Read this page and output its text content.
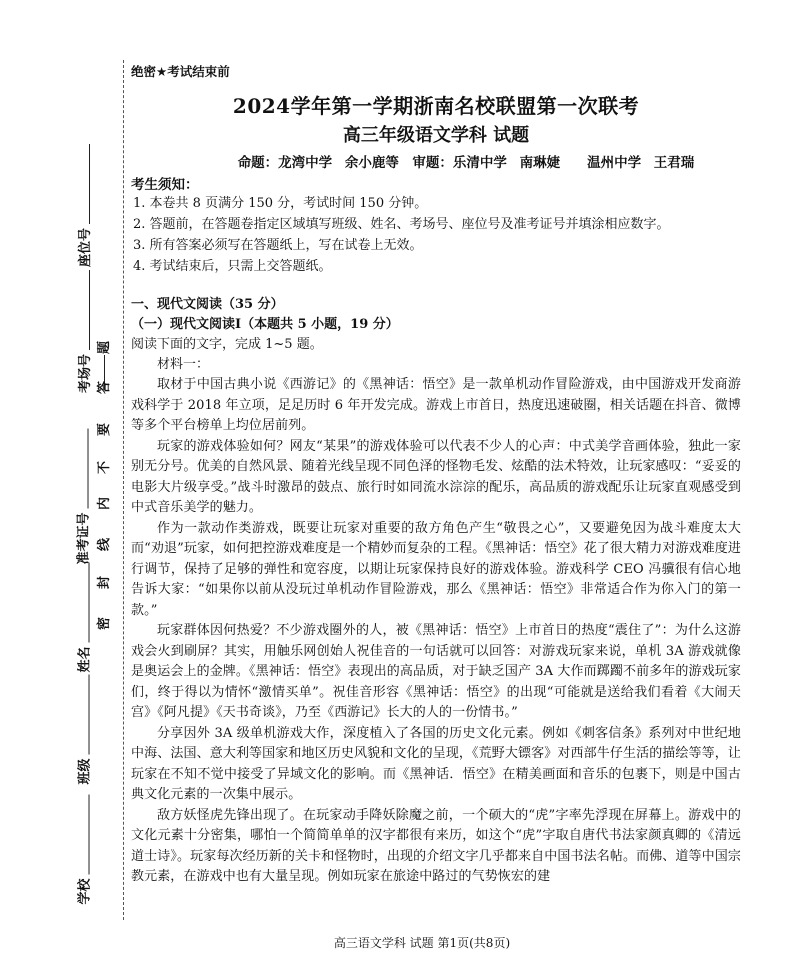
座位号
考场号
准考证号
姓名
班级
学校
题
答
要
不
内
线
封
密
绝密★考试结束前
2024学年第一学期浙南名校联盟第一次联考
高三年级语文学科 试题
命题：龙湾中学 余小鹿等　审题：乐清中学 南琳婕　　温州中学 王君瑞
考生须知：
1. 本卷共 8 页满分 150 分，考试时间 150 分钟。
2. 答题前，在答题卷指定区域填写班级、姓名、考场号、座位号及准考证号并填涂相应数字。
3. 所有答案必须写在答题纸上，写在试卷上无效。
4. 考试结束后，只需上交答题纸。
一、现代文阅读（35 分）
（一）现代文阅读Ⅰ（本题共 5 小题，19 分）
阅读下面的文字，完成 1~5 题。
材料一：

取材于中国古典小说《西游记》的《黑神话：悟空》是一款单机动作冒险游戏，由中国游戏开发商游戏科学于 2018 年立项，足足历时 6 年开发完成。游戏上市首日，热度迅速破圈，相关话题在抖音、微博等多个平台榜单上均位居前列。

玩家的游戏体验如何？网友“某果”的游戏体验可以代表不少人的心声：中式美学音画体验，独此一家别无分号。优美的自然风景、随着光线呈现不同色泽的怪物毛发、炫酷的法术特效，让玩家感叹：“妥妥的电影大片级享受。”战斗时激昂的鼓点、旅行时如同流水淙淙的配乐，高品质的游戏配乐让玩家直观感受到中式音乐美学的魅力。

作为一款动作类游戏，既要让玩家对重要的敌方角色产生“敬畏之心”，又要避免因为战斗难度太大而“劝退”玩家，如何把控游戏难度是一个精妙而复杂的工程。《黑神话：悟空》花了很大精力对游戏难度进行调节，保持了足够的弹性和宽容度，以期让玩家保持良好的游戏体验。游戏科学 CEO 冯骥很有信心地告诉大家：“如果你以前从没玩过单机动作冒险游戏，那么《黑神话：悟空》非常适合作为你入门的第一款。”

玩家群体因何热爱？不少游戏圈外的人，被《黑神话：悟空》上市首日的热度“震住了”：为什么这游戏会火到刷屏？其实，用触乐网创始人祝佳音的一句话就可以回答：对游戏玩家来说，单机 3A 游戏就像是奥运会上的金牌。《黑神话：悟空》表现出的高品质，对于缺乏国产 3A 大作而踯躅不前多年的游戏玩家们，终于得以为情怀“激情买单”。祝佳音形容《黑神话：悟空》的出现“可能就是送给我们看着《大闹天宫》《阿凡提》《天书奇谈》，乃至《西游记》长大的人的一份情书。”

分享因外 3A 级单机游戏大作，深度植入了各国的历史文化元素。例如《刺客信条》系列对中世纪地中海、法国、意大利等国家和地区历史风貌和文化的呈现，《荒野大镖客》对西部牛仔生活的描绘等等，让玩家在不知不觉中接受了异域文化的影响。而《黑神话．悟空》在精美画面和音乐的包裹下，则是中国古典文化元素的一次集中展示。

敌方妖怪虎先锋出现了。在玩家动手降妖除魔之前，一个硕大的“虎”字率先浮现在屏幕上。游戏中的文化元素十分密集，哪怕一个简简单单的汉字都很有来历，如这个“虎”字取自唐代书法家颜真卿的《清远道士诗》。玩家每次经历新的关卡和怪物时，出现的介绍文字几乎都来自中国书法名帖。而佛、道等中国宗教元素，在游戏中也有大量呈现。例如玩家在旅途中路过的气势恢宏的建

高三语文学科 试题 第1页(共8页)
